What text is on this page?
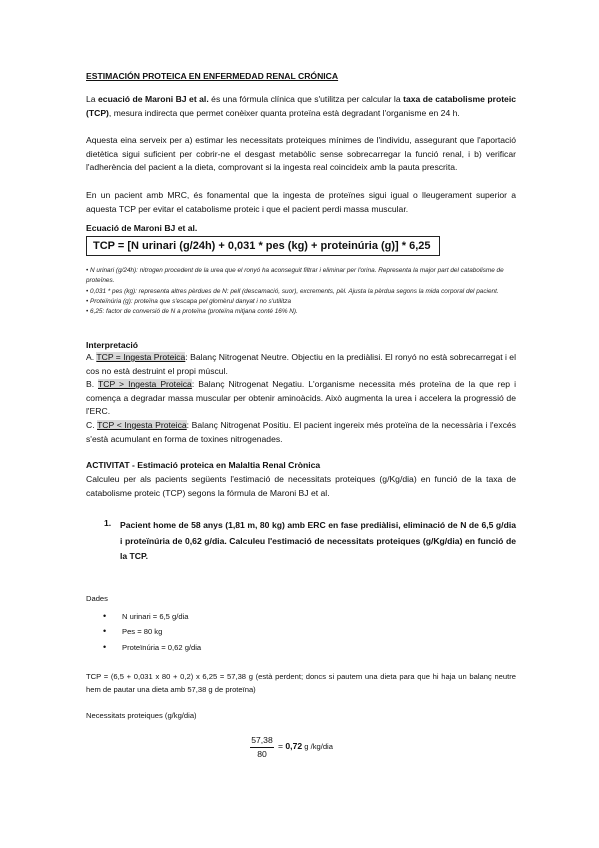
ESTIMACIÓN PROTEICA EN ENFERMEDAD RENAL CRÓNICA
La ecuació de Maroni BJ et al. és una fórmula clínica que s'utilitza per calcular la taxa de catabolisme proteic (TCP), mesura indirecta que permet conèixer quanta proteïna està degradant l'organisme en 24 h.
Aquesta eina serveix per a) estimar les necessitats proteiques mínimes de l'individu, assegurant que l'aportació dietètica sigui suficient per cobrir-ne el desgast metabòlic sense sobrecarregar la funció renal, i b) verificar l'adherència del pacient a la dieta, comprovant si la ingesta real coincideix amb la pauta prescrita.
En un pacient amb MRC, és fonamental que la ingesta de proteïnes sigui igual o lleugerament superior a aquesta TCP per evitar el catabolisme proteic i que el pacient perdi massa muscular.
Ecuació de Maroni BJ et al.
TCP = [N urinari (g/24h) + 0,031 * pes (kg) + proteinúria (g)] * 6,25
• N urinari (g/24h): nitrogen procedent de la urea que el ronyó ha aconseguit filtrar i eliminar per l'orina. Representa la major part del catabolisme de proteïnes.
• 0,031 * pes (kg): representa altres pèrdues de N: pell (descamació, suor), excrements, pèl. Ajusta la pèrdua segons la mida corporal del pacient.
• Proteïnúria (g): proteïna que s'escapa pel glomèrul danyat i no s'utilitza
• 6,25: factor de conversió de N a proteïna (proteïna mitjana conté 16% N).
Interpretació
A. TCP = Ingesta Proteica: Balanç Nitrogenat Neutre. Objectiu en la prediàlisi. El ronyó no està sobrecarregat i el cos no està destruint el propi múscul.
B. TCP > Ingesta Proteica: Balanç Nitrogenat Negatiu. L'organisme necessita més proteïna de la que rep i comença a degradar massa muscular per obtenir aminoàcids. Això augmenta la urea i accelera la progressió de l'ERC.
C. TCP < Ingesta Proteica: Balanç Nitrogenat Positiu. El pacient ingereix més proteïna de la necessària i l'excés s'està acumulant en forma de toxines nitrogenades.
ACTIVITAT - Estimació proteica en Malaltia Renal Crònica
Calculeu per als pacients següents l'estimació de necessitats proteiques (g/Kg/dia) en funció de la taxa de catabolisme proteic (TCP) segons la fórmula de Maroni BJ et al.
1. Pacient home de 58 anys (1,81 m, 80 kg) amb ERC en fase prediàlisi, eliminació de N de 6,5 g/dia i proteïnúria de 0,62 g/dia. Calculeu l'estimació de necessitats proteiques (g/Kg/dia) en funció de la TCP.
Dades
• N urinari = 6,5 g/dia
• Pes = 80 kg
• Proteïnúria = 0,62 g/dia
TCP = (6,5 + 0,031 x 80 + 0,2) x 6,25 = 57,38 g (està perdent; doncs si pautem una dieta para que hi haja un balanç neutre hem de pautar una dieta amb 57,38 g de proteïna)
Necessitats proteiques (g/kg/dia)
57,38
80
= 0,72 g /kg/dia
